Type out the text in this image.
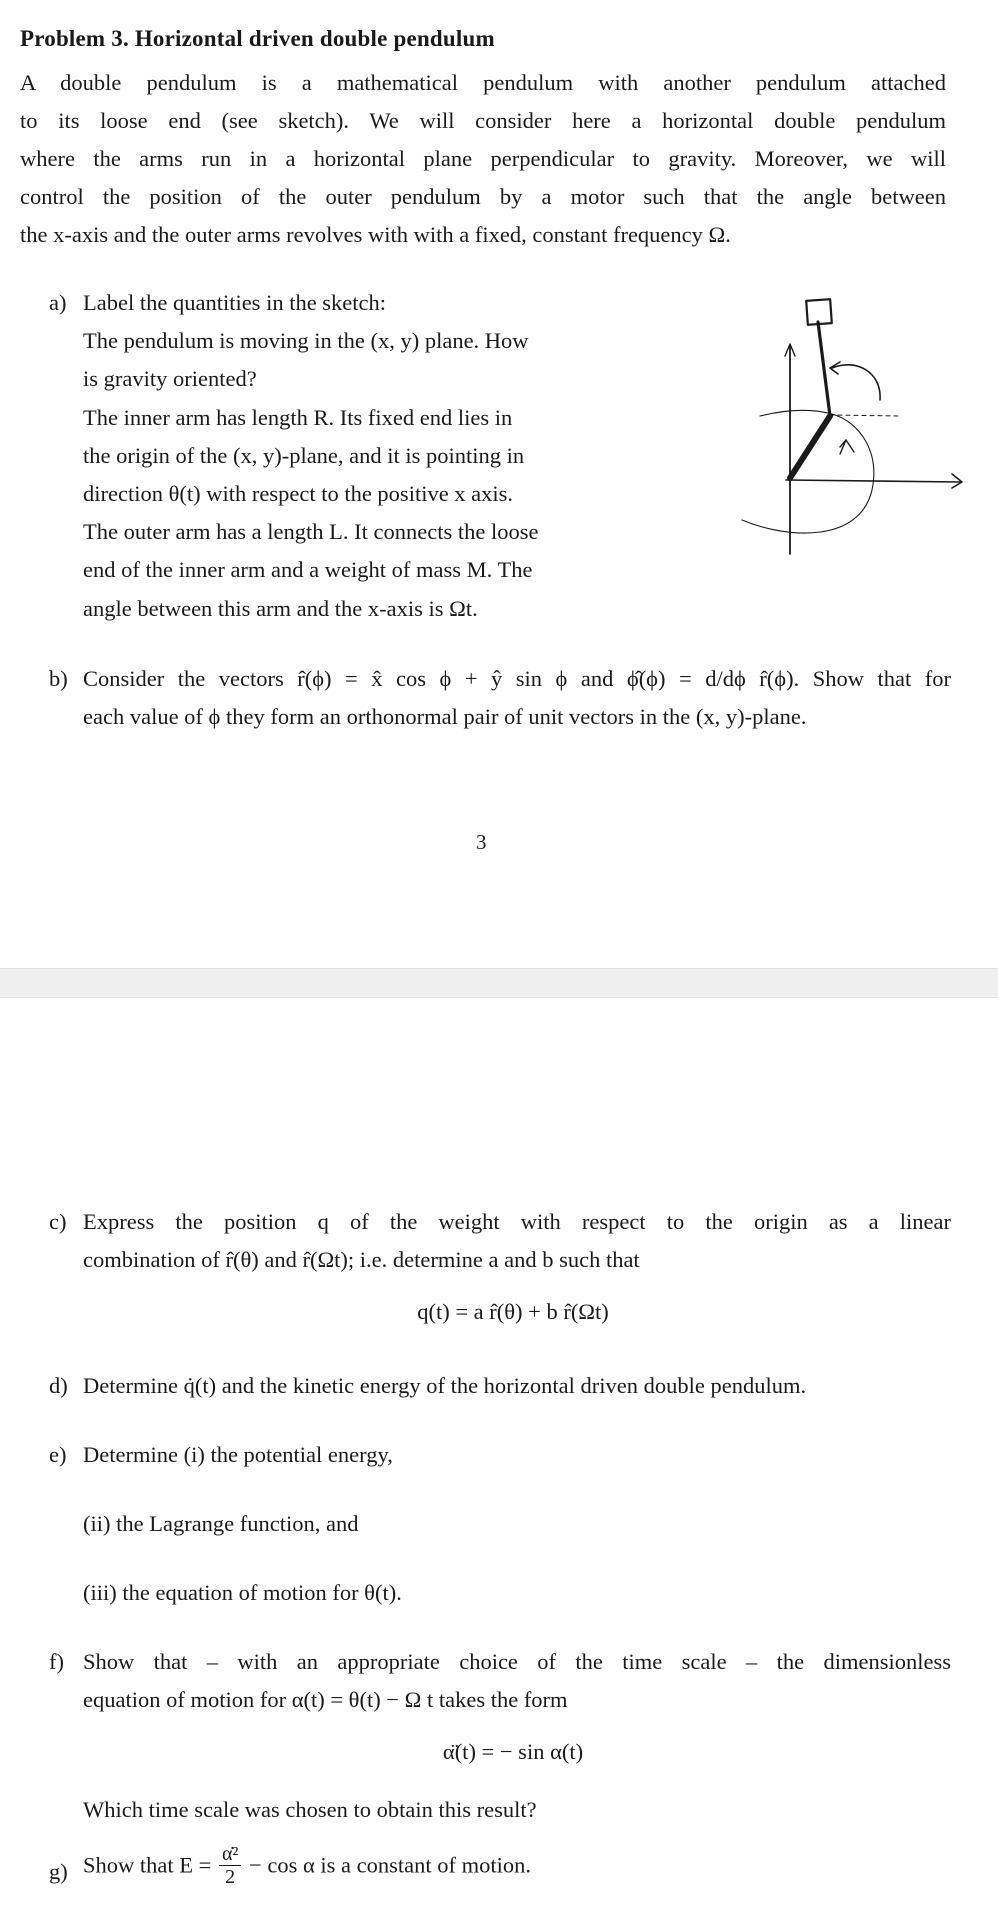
Problem 3. Horizontal driven double pendulum
A double pendulum is a mathematical pendulum with another pendulum attached
to its loose end (see sketch). We will consider here a horizontal double pendulum
where the arms run in a horizontal plane perpendicular to gravity. Moreover, we will
control the position of the outer pendulum by a motor such that the angle between
the x-axis and the outer arms revolves with with a fixed, constant frequency Ω.
a) Label the quantities in the sketch:
The pendulum is moving in the (x, y) plane. How
is gravity oriented?
The inner arm has length R. Its fixed end lies in
the origin of the (x, y)-plane, and it is pointing in
direction θ(t) with respect to the positive x axis.
The outer arm has a length L. It connects the loose
end of the inner arm and a weight of mass M. The
angle between this arm and the x-axis is Ωt.
b) Consider the vectors r̂(ϕ) = x̂ cos ϕ + ŷ sin ϕ and ϕ̂(ϕ) = d/dϕ r̂(ϕ). Show that for
each value of ϕ they form an orthonormal pair of unit vectors in the (x, y)-plane.
3
c) Express the position q of the weight with respect to the origin as a linear
combination of r̂(θ) and r̂(Ωt); i.e. determine a and b such that
q(t) = a r̂(θ) + b r̂(Ωt)
d) Determine q̇(t) and the kinetic energy of the horizontal driven double pendulum.
e) Determine (i) the potential energy,
(ii) the Lagrange function, and
(iii) the equation of motion for θ(t).
f) Show that – with an appropriate choice of the time scale – the dimensionless
equation of motion for α(t) = θ(t) − Ω t takes the form
α̈(t) = − sin α(t)
Which time scale was chosen to obtain this result?
g) Show that $E = \frac{\text{α̇²}}{2} - \cos \alpha$ is a constant of motion.
